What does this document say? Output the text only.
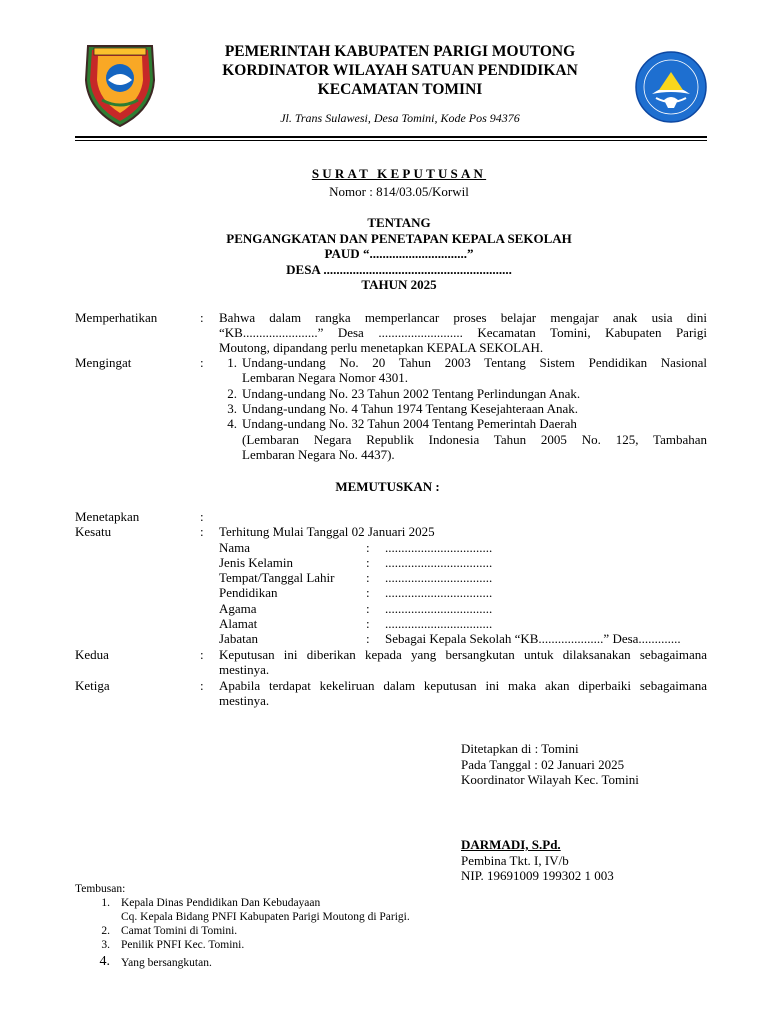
PEMERINTAH KABUPATEN PARIGI MOUTONG
KORDINATOR WILAYAH SATUAN PENDIDIKAN
KECAMATAN TOMINI
Jl. Trans Sulawesi, Desa Tomini, Kode Pos 94376
SURAT KEPUTUSAN
Nomor : 814/03.05/Korwil
TENTANG
PENGANGKATAN DAN PENETAPAN KEPALA SEKOLAH
PAUD “..............................”
DESA ..........................................................
TAHUN 2025
Memperhatikan	: Bahwa dalam rangka memperlancar proses belajar mengajar anak usia dini
“KB.......................” Desa .......................... Kecamatan Tomini, Kabupaten Parigi
Moutong, dipandang perlu menetapkan KEPALA SEKOLAH.
Mengingat	:	1. Undang-undang No. 20 Tahun 2003 Tentang Sistem Pendidikan Nasional
Lembaran Negara Nomor 4301.
2. Undang-undang No. 23 Tahun 2002 Tentang Perlindungan Anak.
3. Undang-undang No. 4 Tahun 1974 Tentang Kesejahteraan Anak.
4. Undang-undang No. 32 Tahun 2004 Tentang Pemerintah Daerah
(Lembaran Negara Republik Indonesia Tahun 2005 No. 125, Tambahan
Lembaran Negara No. 4437).
MEMUTUSKAN :
Menetapkan	:
Kesatu	: Terhitung Mulai Tanggal 02 Januari 2025
Nama	: .................................
Jenis Kelamin	: .................................
Tempat/Tanggal Lahir : .................................
Pendidikan	: .................................
Agama	: .................................
Alamat	: .................................
Jabatan	: Sebagai Kepala Sekolah “KB....................” Desa.............
Kedua	: Keputusan ini diberikan kepada yang bersangkutan untuk dilaksanakan sebagaimana
mestinya.
Ketiga	: Apabila terdapat kekeliruan dalam keputusan ini maka akan diperbaiki sebagaimana
mestinya.
Ditetapkan di : Tomini
Pada Tanggal : 02 Januari 2025
Koordinator Wilayah Kec. Tomini
DARMADI, S.Pd.
Pembina Tkt. I, IV/b
NIP. 19691009 199302 1 003
Tembusan:
1. Kepala Dinas Pendidikan Dan Kebudayaan
Cq. Kepala Bidang PNFI Kabupaten Parigi Moutong di Parigi.
2. Camat Tomini di Tomini.
3. Penilik PNFI Kec. Tomini.
4. Yang bersangkutan.
